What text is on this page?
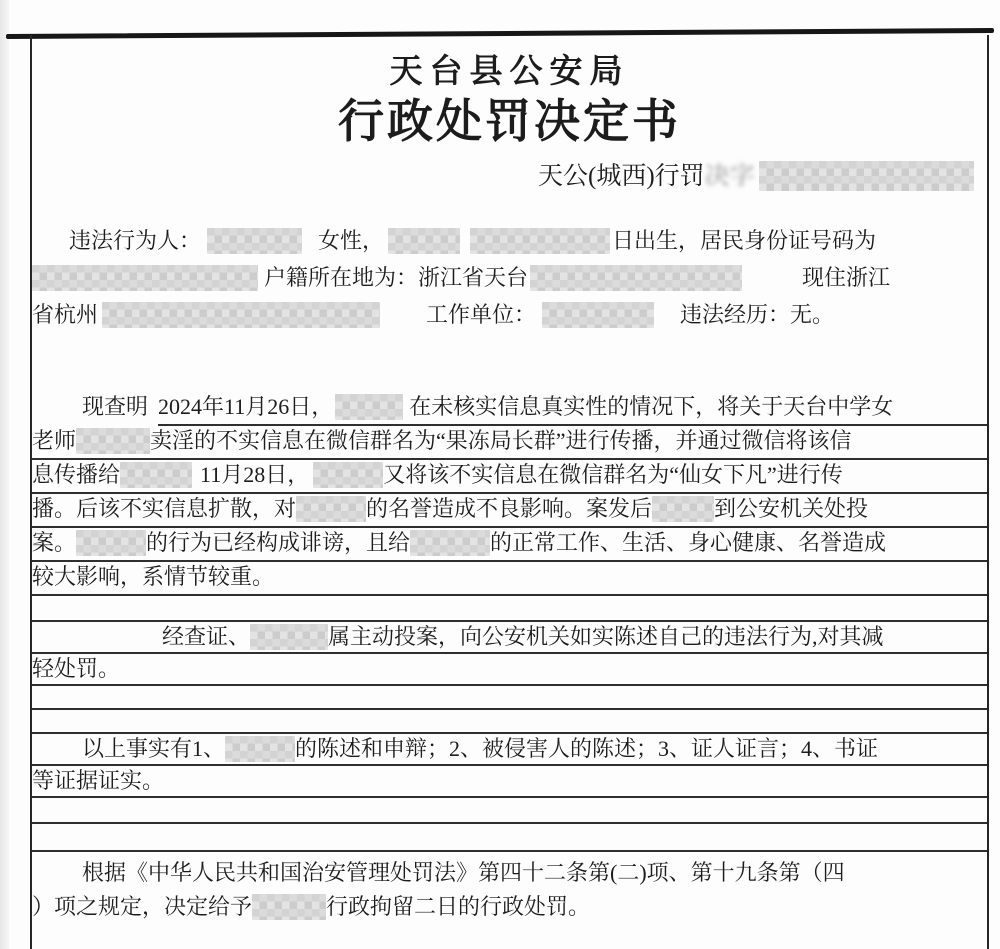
天台县公安局
行政处罚决定书
天公(城西)行罚决字
违法行为人：	女性，	日出生，居民身份证号码为
户籍所在地为：浙江省天台	现住浙江
省杭州	工作单位：	违法经历：无。
现查明 2024年11月26日，	在未核实信息真实性的情况下，将关于天台中学女
老师	卖淫的不实信息在微信群名为“果冻局长群”进行传播，并通过微信将该信
息传播给	11月28日，	又将该不实信息在微信群名为“仙女下凡”进行传
播。后该不实信息扩散，对	的名誉造成不良影响。案发后	到公安机关处投
案。	的行为已经构成诽谤，且给	的正常工作、生活、身心健康、名誉造成
较大影响，系情节较重。
经查证、	属主动投案，向公安机关如实陈述自己的违法行为,对其减
轻处罚。
以上事实有1、	的陈述和申辩；2、被侵害人的陈述；3、证人证言；4、书证
等证据证实。
根据《中华人民共和国治安管理处罚法》第四十二条第(二)项、第十九条第（四
）项之规定，决定给予	行政拘留二日的行政处罚。
